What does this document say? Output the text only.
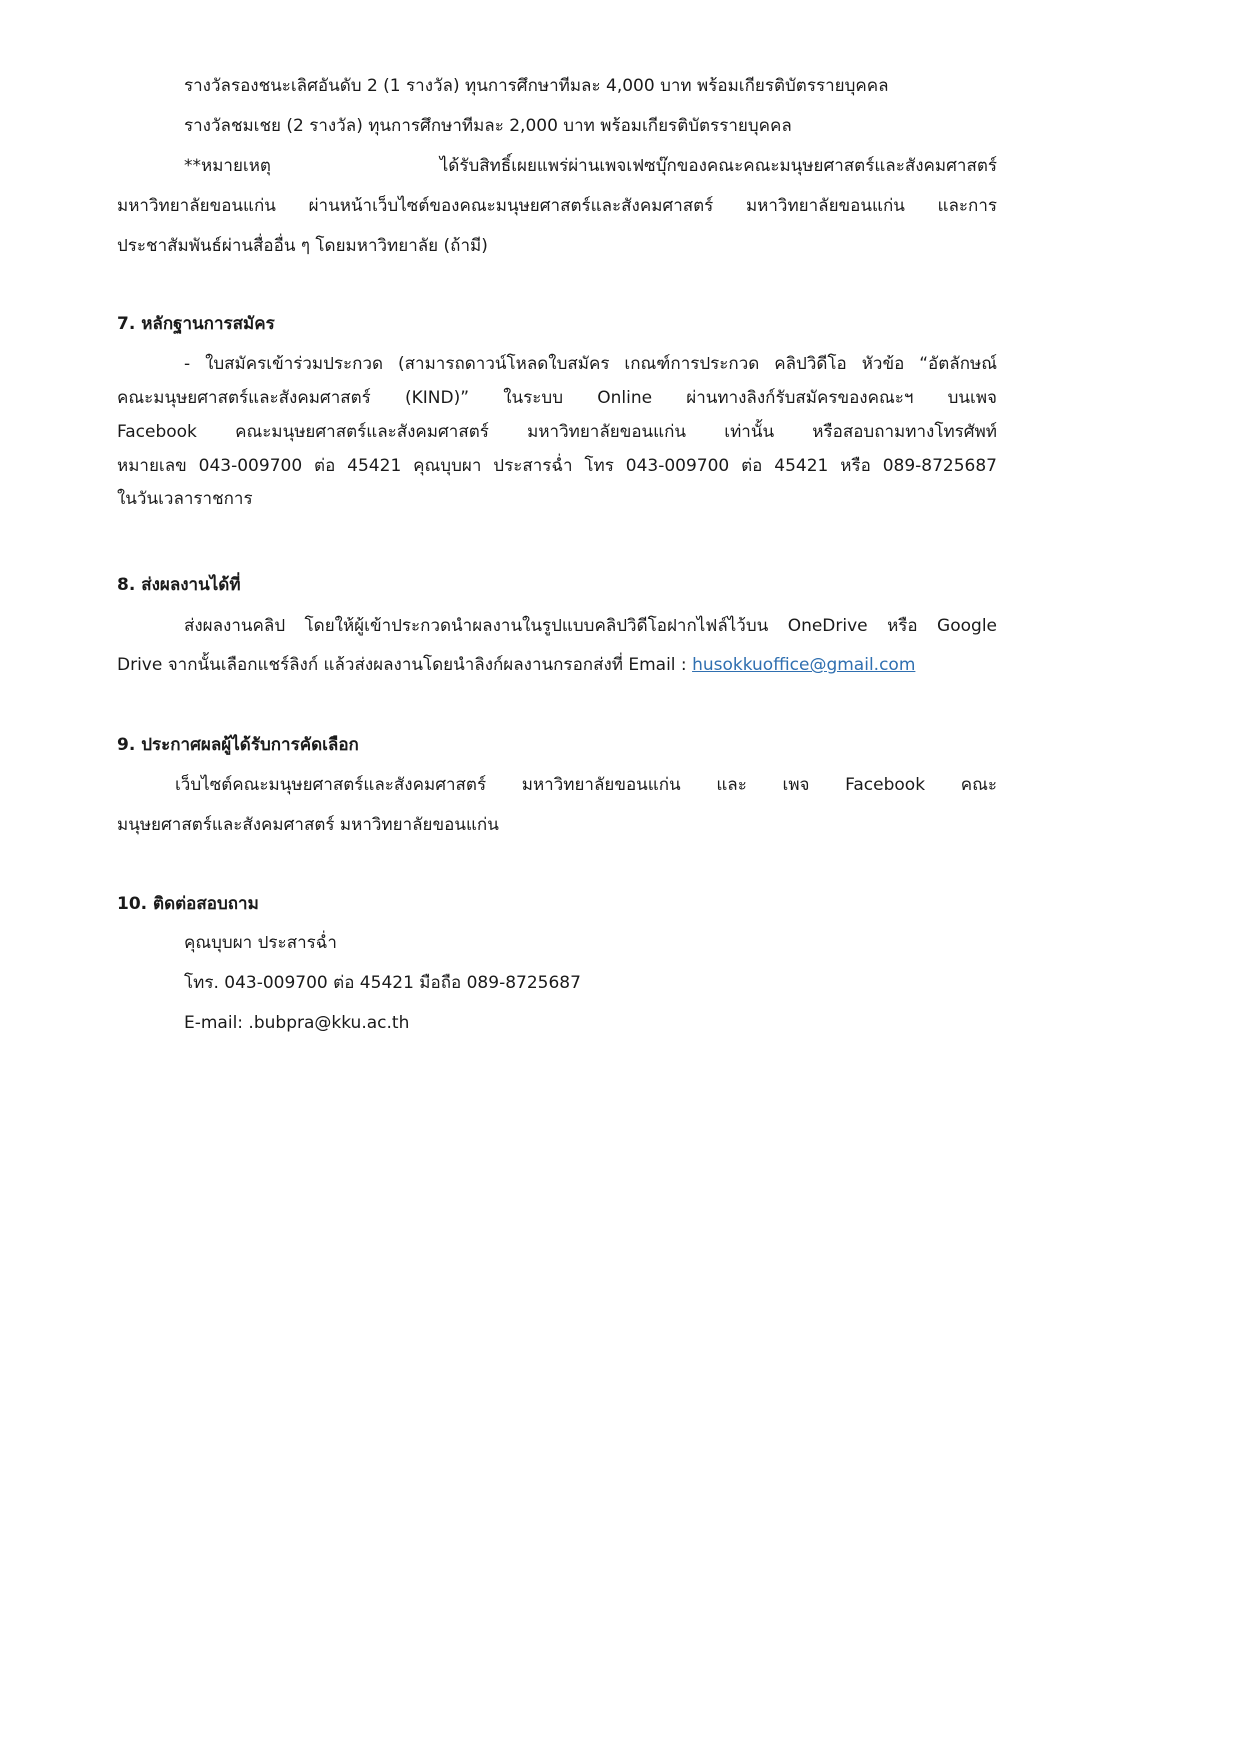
รางวัลรองชนะเลิศอันดับ 2 (1 รางวัล) ทุนการศึกษาทีมละ 4,000 บาท พร้อมเกียรติบัตรรายบุคคล
รางวัลชมเชย (2 รางวัล) ทุนการศึกษาทีมละ 2,000 บาท พร้อมเกียรติบัตรรายบุคคล
**หมายเหตุ ได้รับสิทธิ์เผยแพร่ผ่านเพจเฟซบุ๊กของคณะคณะมนุษยศาสตร์และสังคมศาสตร์
มหาวิทยาลัยขอนแก่น ผ่านหน้าเว็บไซต์ของคณะมนุษยศาสตร์และสังคมศาสตร์ มหาวิทยาลัยขอนแก่น และการ
ประชาสัมพันธ์ผ่านสื่ออื่น ๆ โดยมหาวิทยาลัย (ถ้ามี)
7. หลักฐานการสมัคร
- ใบสมัครเข้าร่วมประกวด (สามารถดาวน์โหลดใบสมัคร เกณฑ์การประกวด คลิปวิดีโอ หัวข้อ “อัตลักษณ์
คณะมนุษยศาสตร์และสังคมศาสตร์ (KIND)” ในระบบ Online ผ่านทางลิงก์รับสมัครของคณะฯ บนเพจ
Facebook คณะมนุษยศาสตร์และสังคมศาสตร์ มหาวิทยาลัยขอนแก่น เท่านั้น หรือสอบถามทางโทรศัพท์
หมายเลข 043-009700 ต่อ 45421 คุณบุบผา ประสารฉ่ำ โทร 043-009700 ต่อ 45421 หรือ 089-8725687
ในวันเวลาราชการ
8. ส่งผลงานได้ที่
ส่งผลงานคลิป โดยให้ผู้เข้าประกวดนำผลงานในรูปแบบคลิปวิดีโอฝากไฟล์ไว้บน OneDrive หรือ Google
Drive จากนั้นเลือกแชร์ลิงก์ แล้วส่งผลงานโดยนำลิงก์ผลงานกรอกส่งที่ Email : husokkuoffice@gmail.com
9. ประกาศผลผู้ได้รับการคัดเลือก
เว็บไซต์คณะมนุษยศาสตร์และสังคมศาสตร์ มหาวิทยาลัยขอนแก่น และ เพจ Facebook คณะ
มนุษยศาสตร์และสังคมศาสตร์ มหาวิทยาลัยขอนแก่น
10. ติดต่อสอบถาม
คุณบุบผา ประสารฉ่ำ
โทร. 043-009700 ต่อ 45421 มือถือ 089-8725687
E-mail: .bubpra@kku.ac.th
